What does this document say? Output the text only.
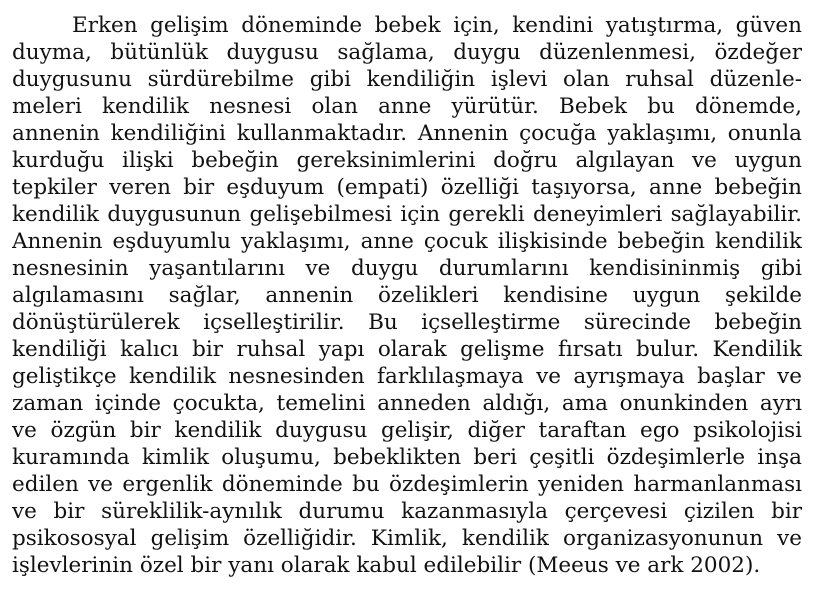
Erken gelişim döneminde bebek için, kendini yatıştırma, güven
duyma, bütünlük duygusu sağlama, duygu düzenlenmesi, özdeğer
duygusunu sürdürebilme gibi kendiliğin işlevi olan ruhsal düzenle-
meleri kendilik nesnesi olan anne yürütür. Bebek bu dönemde,
annenin kendiliğini kullanmaktadır. Annenin çocuğa yaklaşımı, onunla
kurduğu ilişki bebeğin gereksinimlerini doğru algılayan ve uygun
tepkiler veren bir eşduyum (empati) özelliği taşıyorsa, anne bebeğin
kendilik duygusunun gelişebilmesi için gerekli deneyimleri sağlayabilir.
Annenin eşduyumlu yaklaşımı, anne çocuk ilişkisinde bebeğin kendilik
nesnesinin yaşantılarını ve duygu durumlarını kendisininmiş gibi
algılamasını sağlar, annenin özelikleri kendisine uygun şekilde
dönüştürülerek içselleştirilir. Bu içselleştirme sürecinde bebeğin
kendiliği kalıcı bir ruhsal yapı olarak gelişme fırsatı bulur. Kendilik
geliştikçe kendilik nesnesinden farklılaşmaya ve ayrışmaya başlar ve
zaman içinde çocukta, temelini anneden aldığı, ama onunkinden ayrı
ve özgün bir kendilik duygusu gelişir, diğer taraftan ego psikolojisi
kuramında kimlik oluşumu, bebeklikten beri çeşitli özdeşimlerle inşa
edilen ve ergenlik döneminde bu özdeşimlerin yeniden harmanlanması
ve bir süreklilik-aynılık durumu kazanmasıyla çerçevesi çizilen bir
psikososyal gelişim özelliğidir. Kimlik, kendilik organizasyonunun ve
işlevlerinin özel bir yanı olarak kabul edilebilir (Meeus ve ark 2002).
